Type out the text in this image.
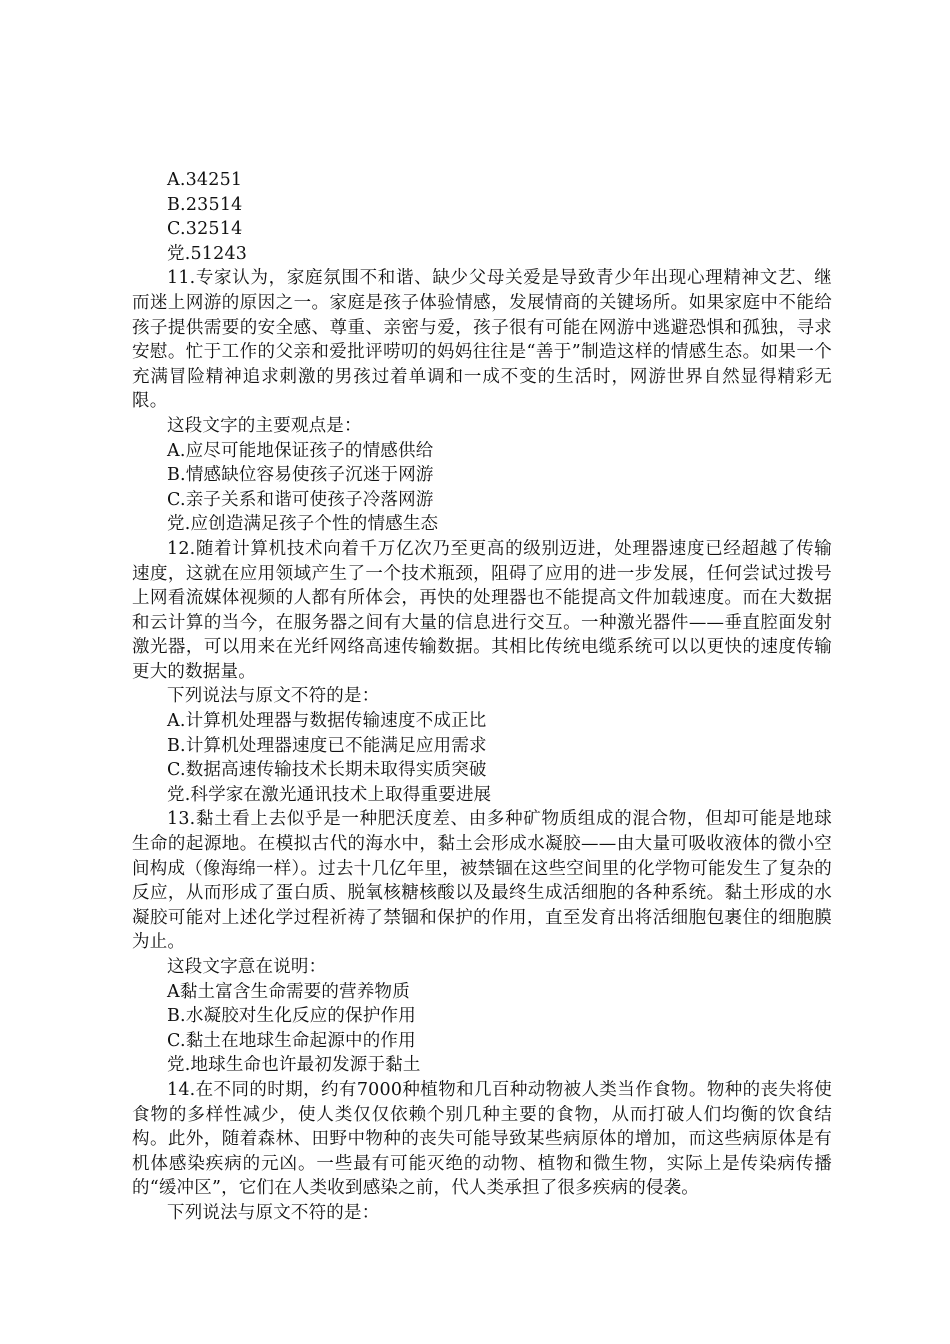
A.34251

B.23514

C.32514

党.51243

11.专家认为，家庭氛围不和谐、缺少父母关爱是导致青少年出现心理精神文艺、继而迷上网游的原因之一。家庭是孩子体验情感，发展情商的关键场所。如果家庭中不能给孩子提供需要的安全感、尊重、亲密与爱，孩子很有可能在网游中逃避恐惧和孤独，寻求安慰。忙于工作的父亲和爱批评唠叨的妈妈往往是“善于”制造这样的情感生态。如果一个充满冒险精神追求刺激的男孩过着单调和一成不变的生活时，网游世界自然显得精彩无限。

这段文字的主要观点是：

A.应尽可能地保证孩子的情感供给

B.情感缺位容易使孩子沉迷于网游

C.亲子关系和谐可使孩子冷落网游

党.应创造满足孩子个性的情感生态

12.随着计算机技术向着千万亿次乃至更高的级别迈进，处理器速度已经超越了传输速度，这就在应用领域产生了一个技术瓶颈，阻碍了应用的进一步发展，任何尝试过拨号上网看流媒体视频的人都有所体会，再快的处理器也不能提高文件加载速度。而在大数据和云计算的当今，在服务器之间有大量的信息进行交互。一种激光器件——垂直腔面发射激光器，可以用来在光纤网络高速传输数据。其相比传统电缆系统可以以更快的速度传输更大的数据量。

下列说法与原文不符的是：

A.计算机处理器与数据传输速度不成正比

B.计算机处理器速度已不能满足应用需求

C.数据高速传输技术长期未取得实质突破

党.科学家在激光通讯技术上取得重要进展

13.黏土看上去似乎是一种肥沃度差、由多种矿物质组成的混合物，但却可能是地球生命的起源地。在模拟古代的海水中，黏土会形成水凝胶——由大量可吸收液体的微小空间构成（像海绵一样）。过去十几亿年里，被禁锢在这些空间里的化学物可能发生了复杂的反应，从而形成了蛋白质、脱氧核糖核酸以及最终生成活细胞的各种系统。黏土形成的水凝胶可能对上述化学过程祈祷了禁锢和保护的作用，直至发育出将活细胞包裹住的细胞膜为止。

这段文字意在说明：

A黏土富含生命需要的营养物质

B.水凝胶对生化反应的保护作用

C.黏土在地球生命起源中的作用

党.地球生命也许最初发源于黏土

14.在不同的时期，约有7000种植物和几百种动物被人类当作食物。物种的丧失将使食物的多样性减少，使人类仅仅依赖个别几种主要的食物，从而打破人们均衡的饮食结构。此外，随着森林、田野中物种的丧失可能导致某些病原体的增加，而这些病原体是有机体感染疾病的元凶。一些最有可能灭绝的动物、植物和微生物，实际上是传染病传播的“缓冲区”，它们在人类收到感染之前，代人类承担了很多疾病的侵袭。

下列说法与原文不符的是：
